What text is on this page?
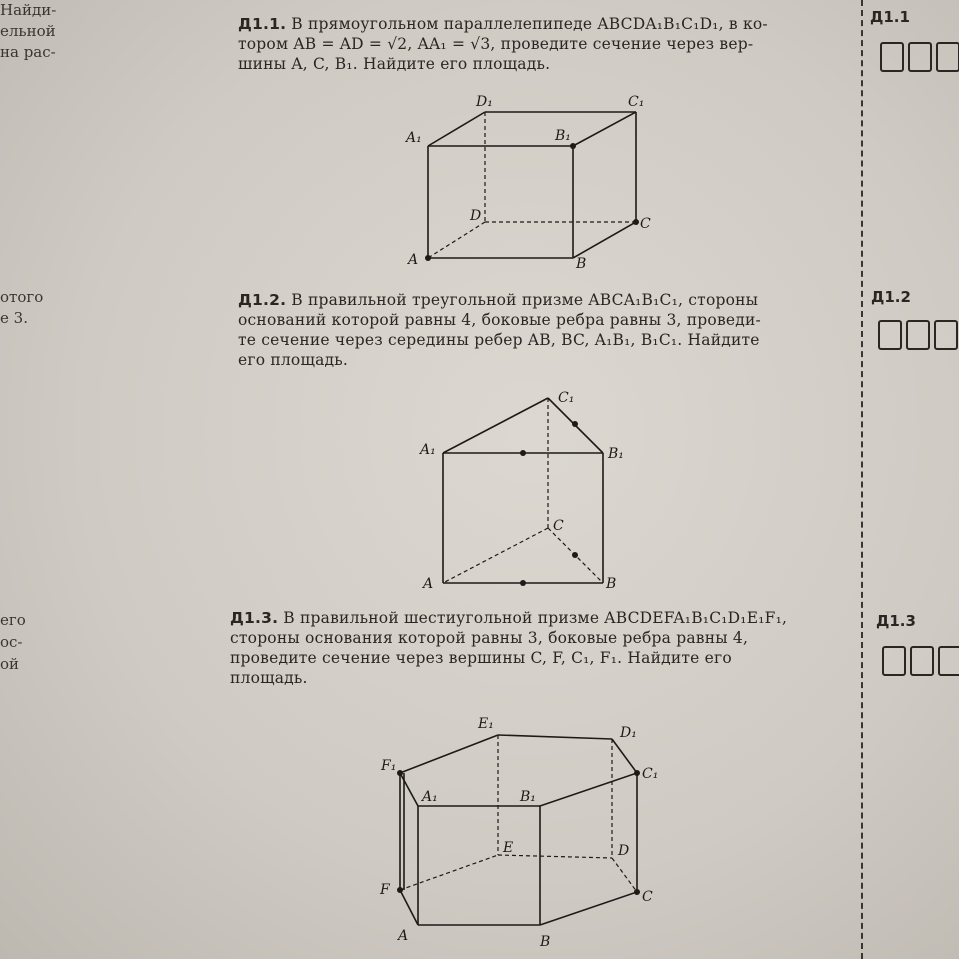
Найди-
ельной
на рас-
отого
е 3.
его
ос-
ой
Д1.1. В прямоугольном параллелепипеде ABCDA₁B₁C₁D₁, в ко-
тором AB = AD = √2, AA₁ = √3, проведите сечение через вер-
шины A, C, B₁. Найдите его площадь.
D₁	C₁
A₁	B₁
D	C
A	B
Д1.2. В правильной треугольной призме ABCA₁B₁C₁, стороны
оснований которой равны 4, боковые ребра равны 3, проведи-
те сечение через середины ребер AB, BC, A₁B₁, B₁C₁. Найдите
его площадь.
C₁
A₁	B₁
C
A	B
Д1.3. В правильной шестиугольной призме ABCDEFA₁B₁C₁D₁E₁F₁,
стороны основания которой равны 3, боковые ребра равны 4,
проведите сечение через вершины C, F, C₁, F₁. Найдите его
площадь.
E₁
D₁
F₁	C₁
A₁	B₁
E	D
F	C
A	B
Д1.1
Д1.2
Д1.3
